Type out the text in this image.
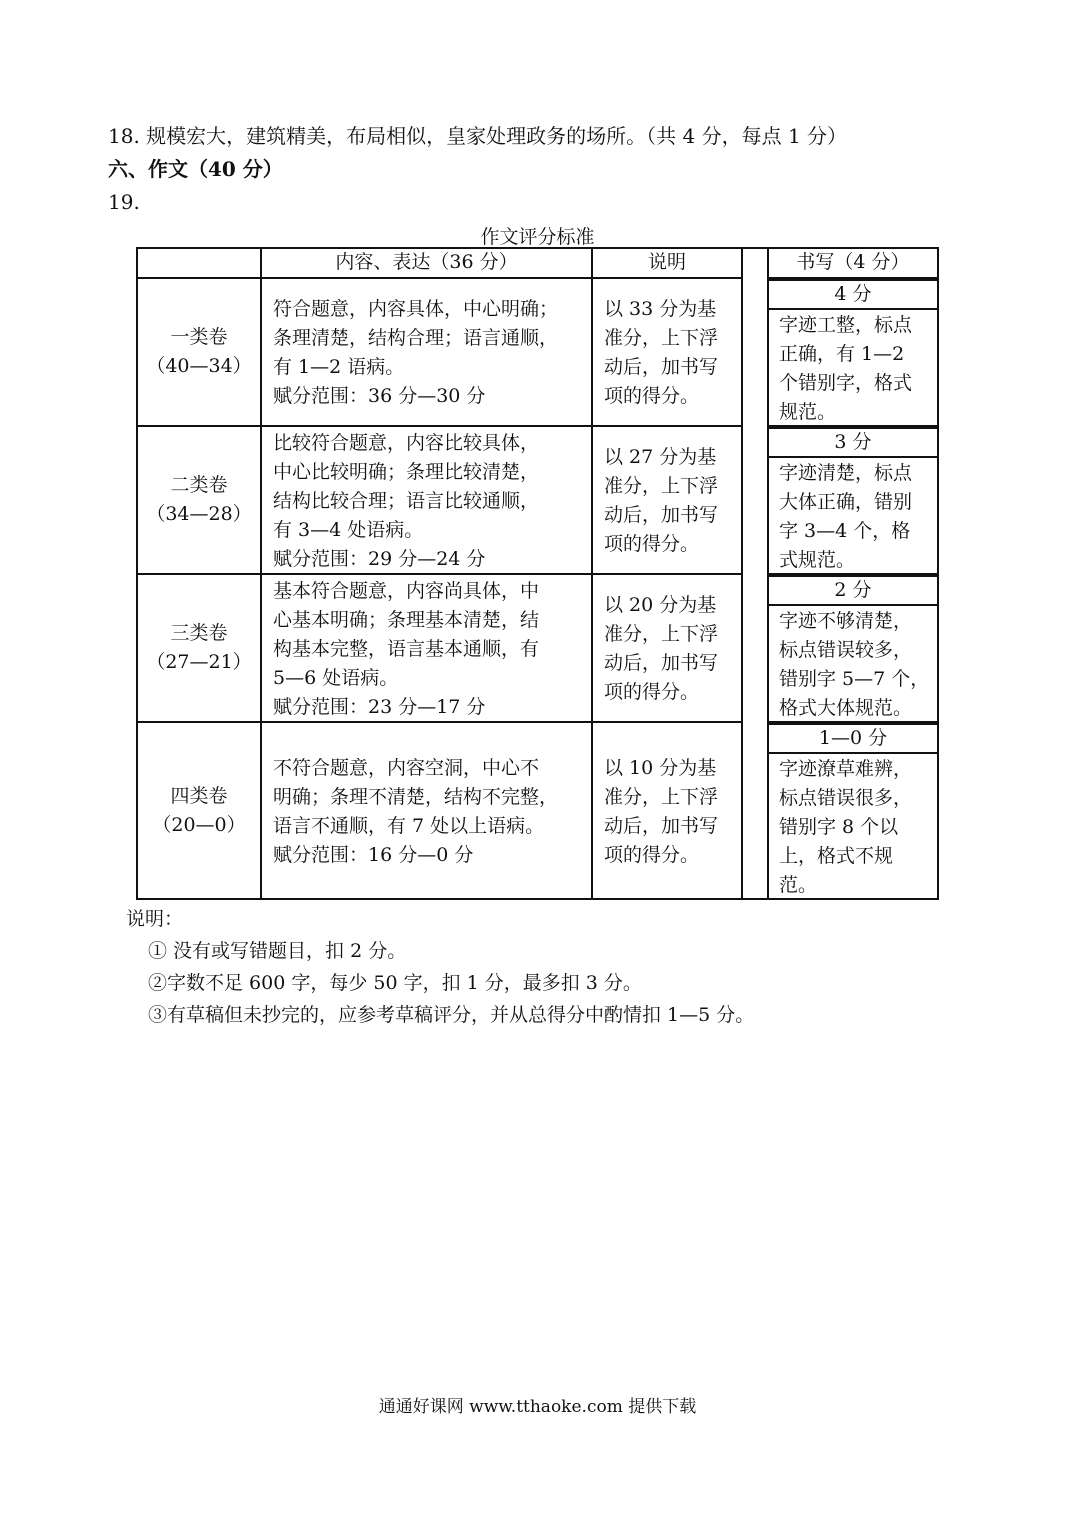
18. 规模宏大，建筑精美，布局相似，皇家处理政务的场所。（共 4 分，每点 1 分）
六、作文（40 分）
19.
作文评分标准
内容、表达（36 分）	说明	书写（4 分）
一类卷
（40—34）
符合题意，内容具体，中心明确；
条理清楚，结构合理；语言通顺，
有 1—2 语病。
赋分范围：36 分—30 分
以 33 分为基
准分，上下浮
动后，加书写
项的得分。
4 分
字迹工整，标点
正确，有 1—2
个错别字，格式
规范。
二类卷
（34—28）
比较符合题意，内容比较具体，
中心比较明确；条理比较清楚，
结构比较合理；语言比较通顺，
有 3—4 处语病。
赋分范围：29 分—24 分
以 27 分为基
准分，上下浮
动后，加书写
项的得分。
3 分
字迹清楚，标点
大体正确，错别
字 3—4 个，格
式规范。
三类卷
（27—21）
基本符合题意，内容尚具体，中
心基本明确；条理基本清楚，结
构基本完整，语言基本通顺，有
5—6 处语病。
赋分范围：23 分—17 分
以 20 分为基
准分，上下浮
动后，加书写
项的得分。
2 分
字迹不够清楚，
标点错误较多，
错别字 5—7 个，
格式大体规范。
四类卷
（20—0）
不符合题意，内容空洞，中心不
明确；条理不清楚，结构不完整，
语言不通顺，有 7 处以上语病。
赋分范围：16 分—0 分
以 10 分为基
准分，上下浮
动后，加书写
项的得分。
1—0 分
字迹潦草难辨，
标点错误很多，
错别字 8 个以
上，格式不规
范。
说明：
① 没有或写错题目，扣 2 分。
②字数不足 600 字，每少 50 字，扣 1 分，最多扣 3 分。
③有草稿但未抄完的，应参考草稿评分，并从总得分中酌情扣 1—5 分。
通通好课网 www.tthaoke.com 提供下载
